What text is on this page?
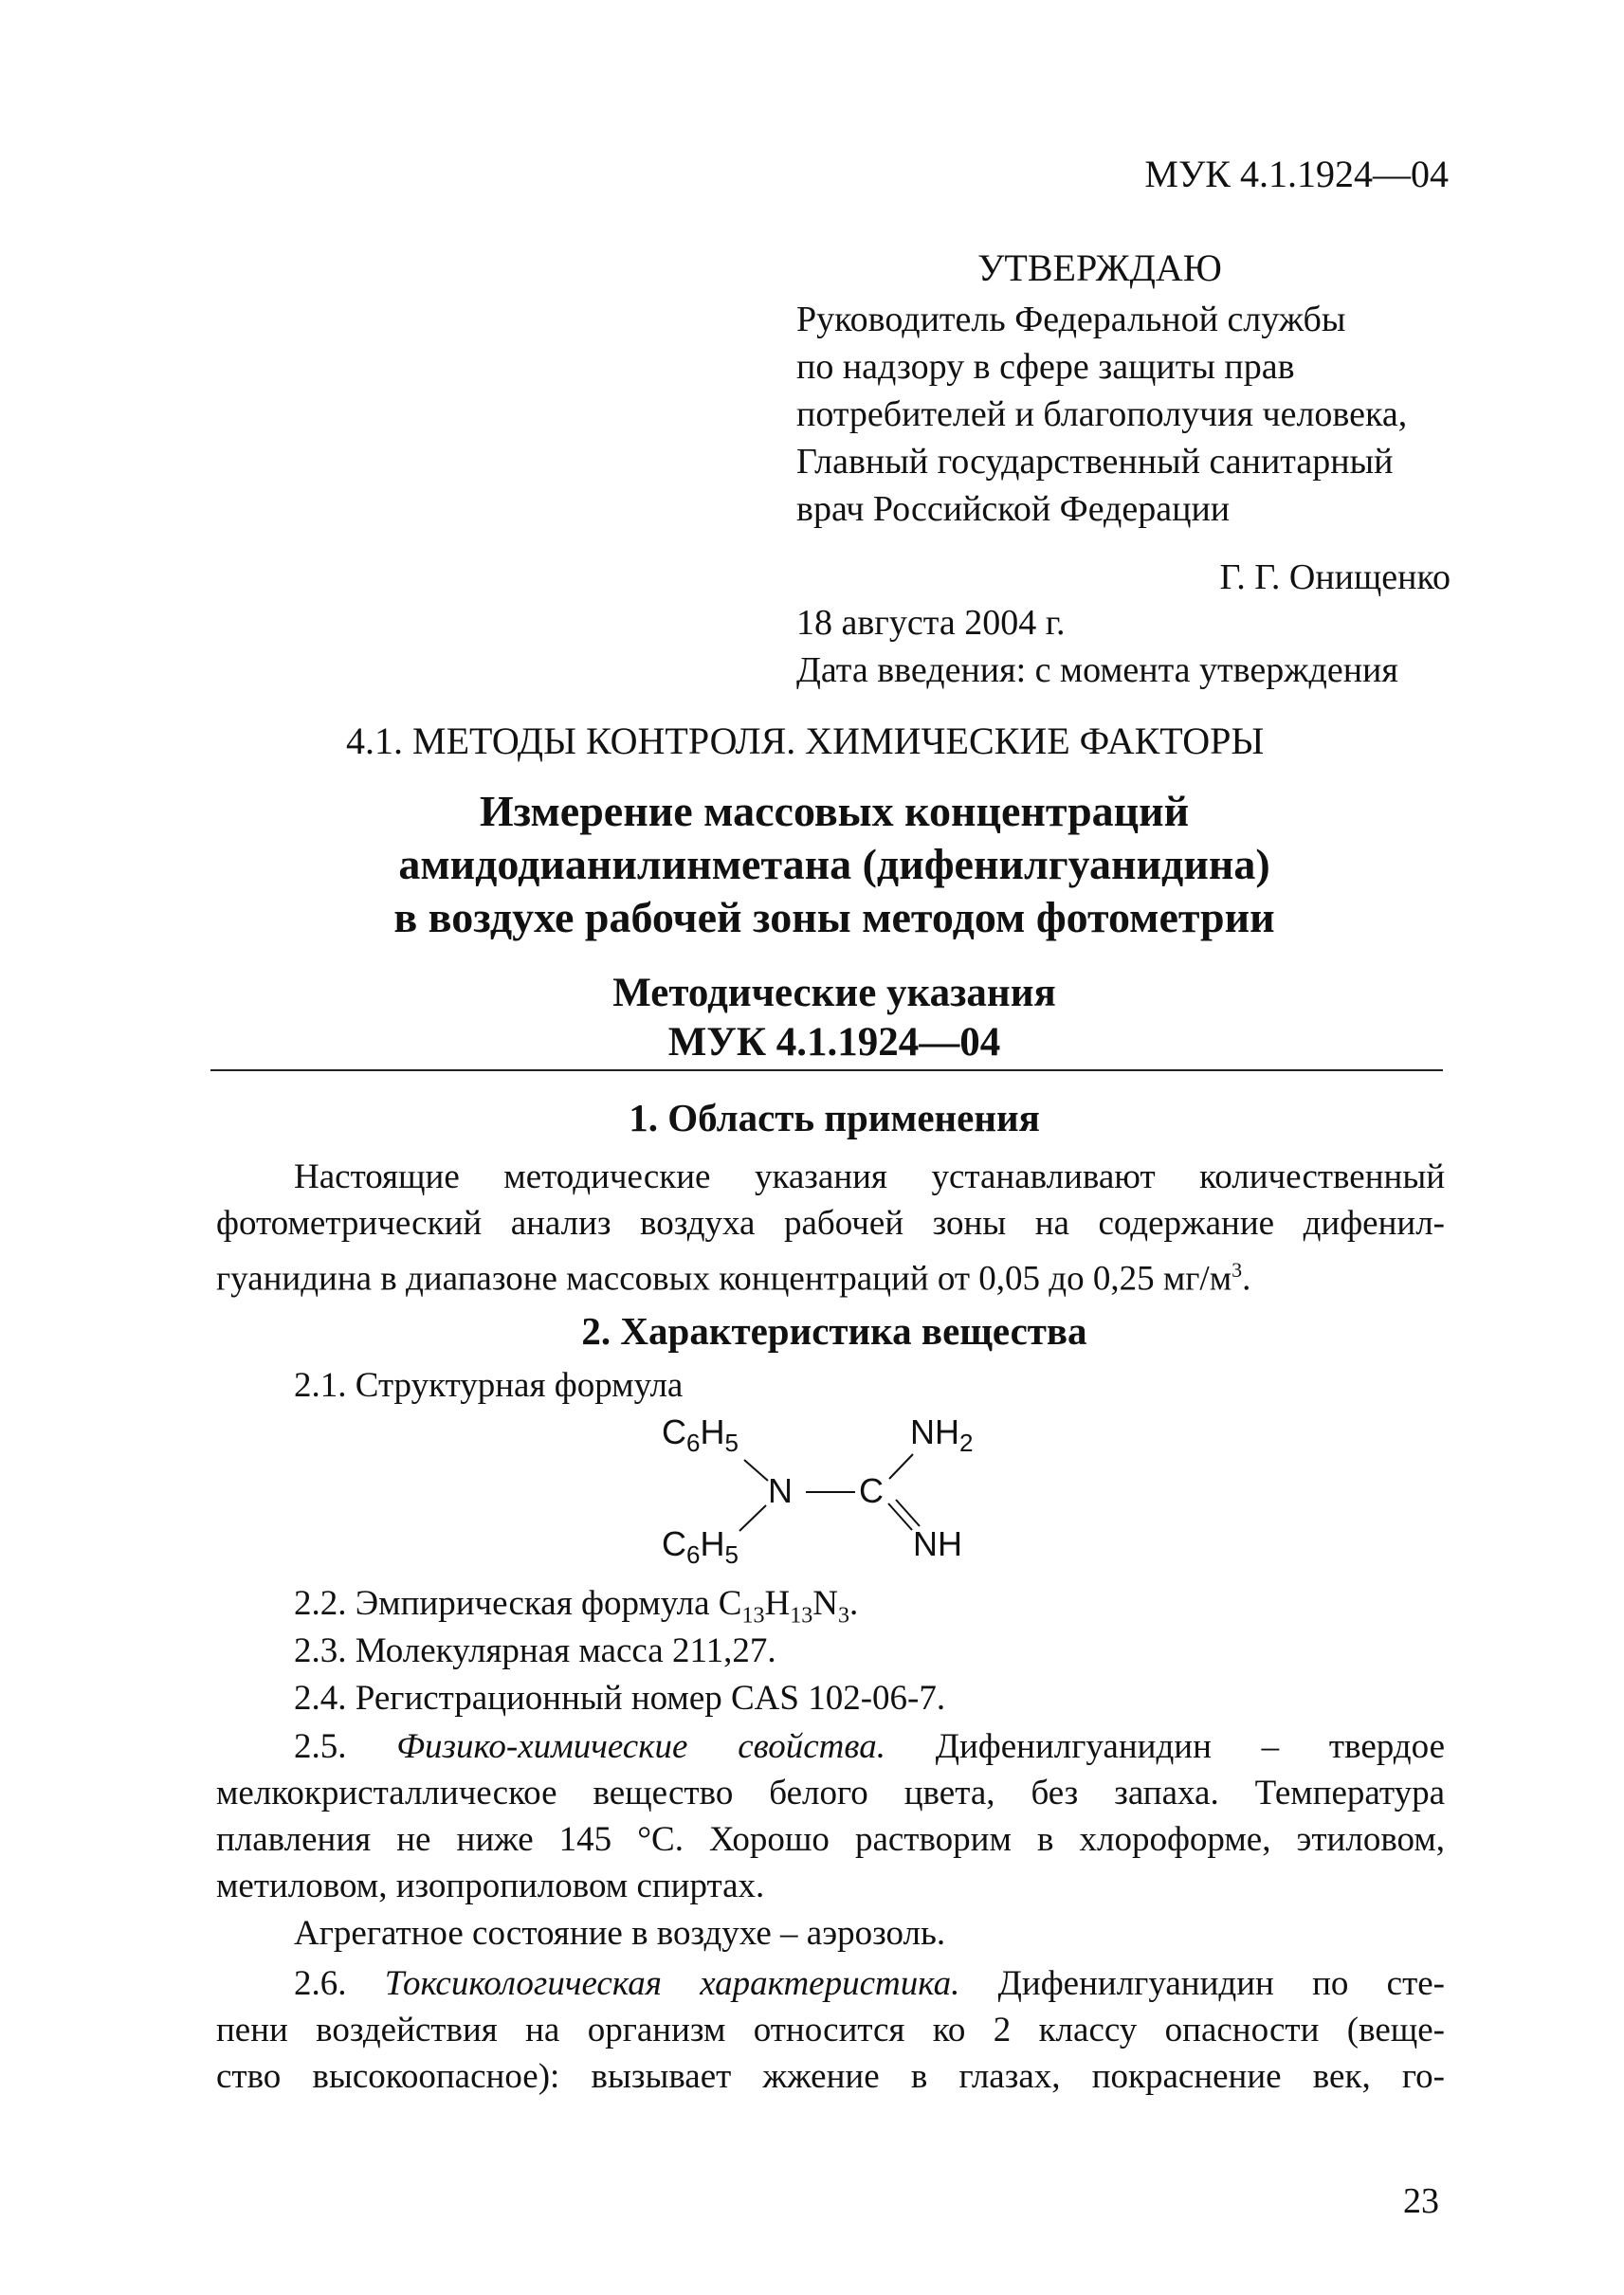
МУК 4.1.1924—04
УТВЕРЖДАЮ
Руководитель Федеральной службы
по надзору в сфере защиты прав
потребителей и благополучия человека,
Главный государственный санитарный
врач Российской Федерации
Г. Г. Онищенко
18 августа 2004 г.
Дата введения: с момента утверждения
4.1. МЕТОДЫ КОНТРОЛЯ. ХИМИЧЕСКИЕ ФАКТОРЫ
Измерение массовых концентраций
амидодианилинметана (дифенилгуанидина)
в воздухе рабочей зоны методом фотометрии
Методические указания
МУК 4.1.1924—04
1. Область применения
Настоящие методические указания устанавливают количественный
фотометрический анализ воздуха рабочей зоны на содержание дифенил-
гуанидина в диапазоне массовых концентраций от 0,05 до 0,25 $мг/м^3$.
2. Характеристика вещества
2.1. Структурная формула
$C_6H_5$	$NH_2$
N C
$C_6H_5$	NH
2.2. Эмпирическая формула $C_{13}H_{13}N_3$.
2.3. Молекулярная масса 211,27.
2.4. Регистрационный номер CAS 102-06-7.
2.5. Физико-химические свойства. Дифенилгуанидин – твердое
мелкокристаллическое вещество белого цвета, без запаха. Температура
плавления не ниже 145 °С. Хорошо растворим в хлороформе, этиловом,
метиловом, изопропиловом спиртах.
Агрегатное состояние в воздухе – аэрозоль.
2.6. Токсикологическая характеристика. Дифенилгуанидин по сте-
пени воздействия на организм относится ко 2 классу опасности (веще-
ство высокоопасное): вызывает жжение в глазах, покраснение век, го-
23
